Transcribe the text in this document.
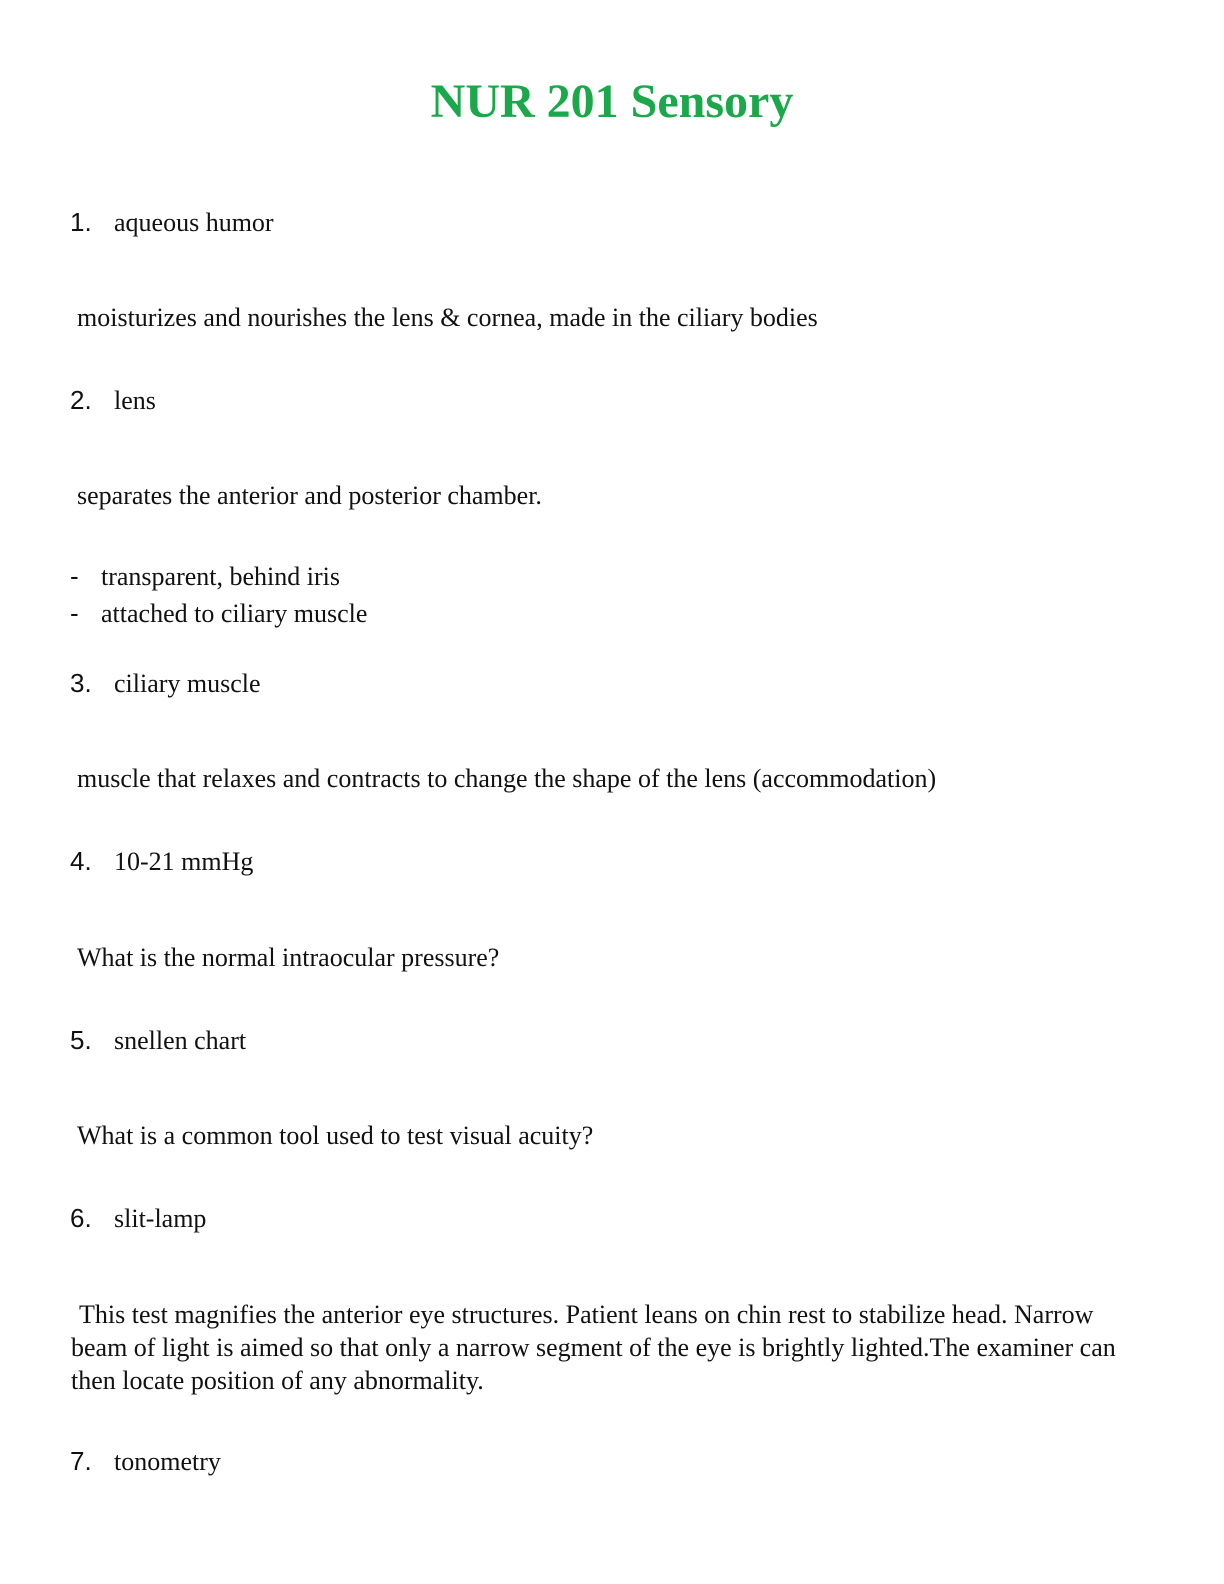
NUR 201 Sensory
1. aqueous humor
moisturizes and nourishes the lens & cornea, made in the ciliary bodies
2. lens
separates the anterior and posterior chamber.
- transparent, behind iris
- attached to ciliary muscle
3. ciliary muscle
muscle that relaxes and contracts to change the shape of the lens (accommodation)
4. 10-21 mmHg
What is the normal intraocular pressure?
5. snellen chart
What is a common tool used to test visual acuity?
6. slit-lamp
This test magnifies the anterior eye structures. Patient leans on chin rest to stabilize head. Narrow beam of light is aimed so that only a narrow segment of the eye is brightly lighted.The examiner can then locate position of any abnormality.
7. tonometry
